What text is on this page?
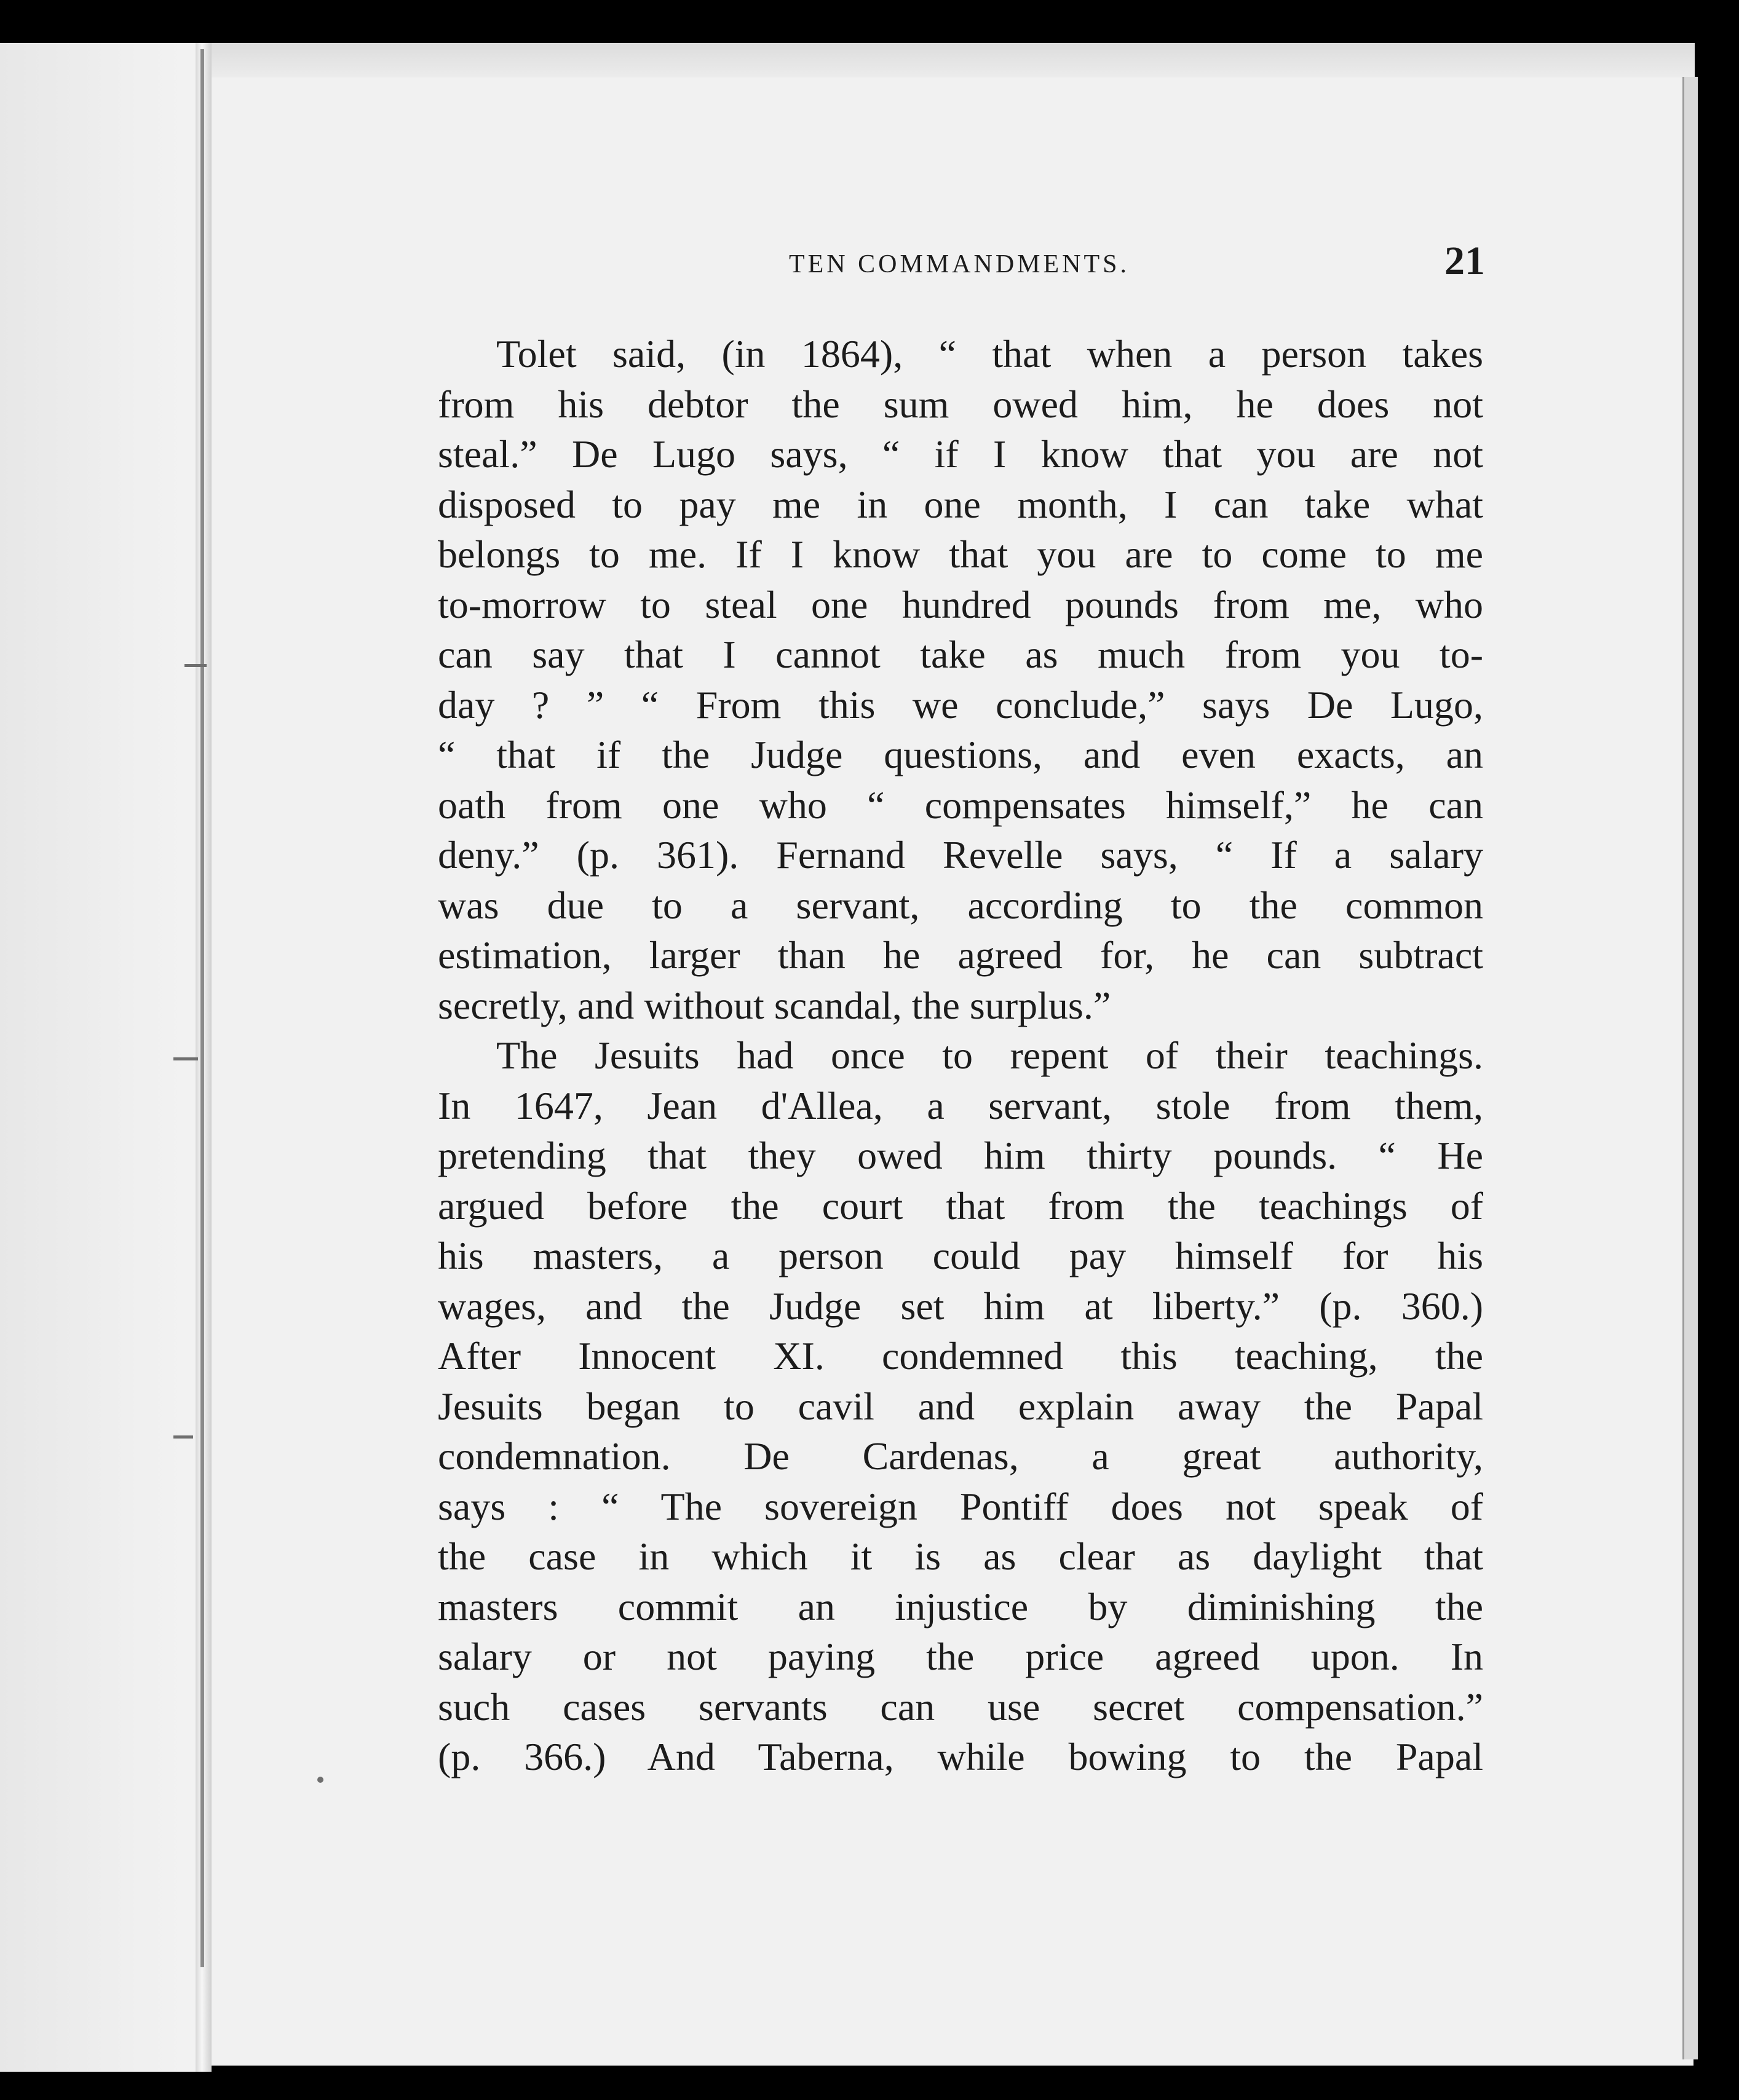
TEN COMMANDMENTS.	21
Tolet said, (in 1864), “ that when a person takes
from his debtor the sum owed him, he does not
steal.” De Lugo says, “ if I know that you are not
disposed to pay me in one month, I can take what
belongs to me. If I know that you are to come to me
to-morrow to steal one hundred pounds from me, who
can say that I cannot take as much from you to-
day ? ” “ From this we conclude,” says De Lugo,
“ that if the Judge questions, and even exacts, an
oath from one who “ compensates himself,” he can
deny.” (p. 361). Fernand Revelle says, “ If a salary
was due to a servant, according to the common
estimation, larger than he agreed for, he can subtract
secretly, and without scandal, the surplus.”
The Jesuits had once to repent of their teachings.
In 1647, Jean d'Allea, a servant, stole from them,
pretending that they owed him thirty pounds. “ He
argued before the court that from the teachings of
his masters, a person could pay himself for his
wages, and the Judge set him at liberty.” (p. 360.)
After Innocent XI. condemned this teaching, the
Jesuits began to cavil and explain away the Papal
condemnation. De Cardenas, a great authority,
says : “ The sovereign Pontiff does not speak of
the case in which it is as clear as daylight that
masters commit an injustice by diminishing the
salary or not paying the price agreed upon. In
such cases servants can use secret compensation.”
(p. 366.) And Taberna, while bowing to the Papal
